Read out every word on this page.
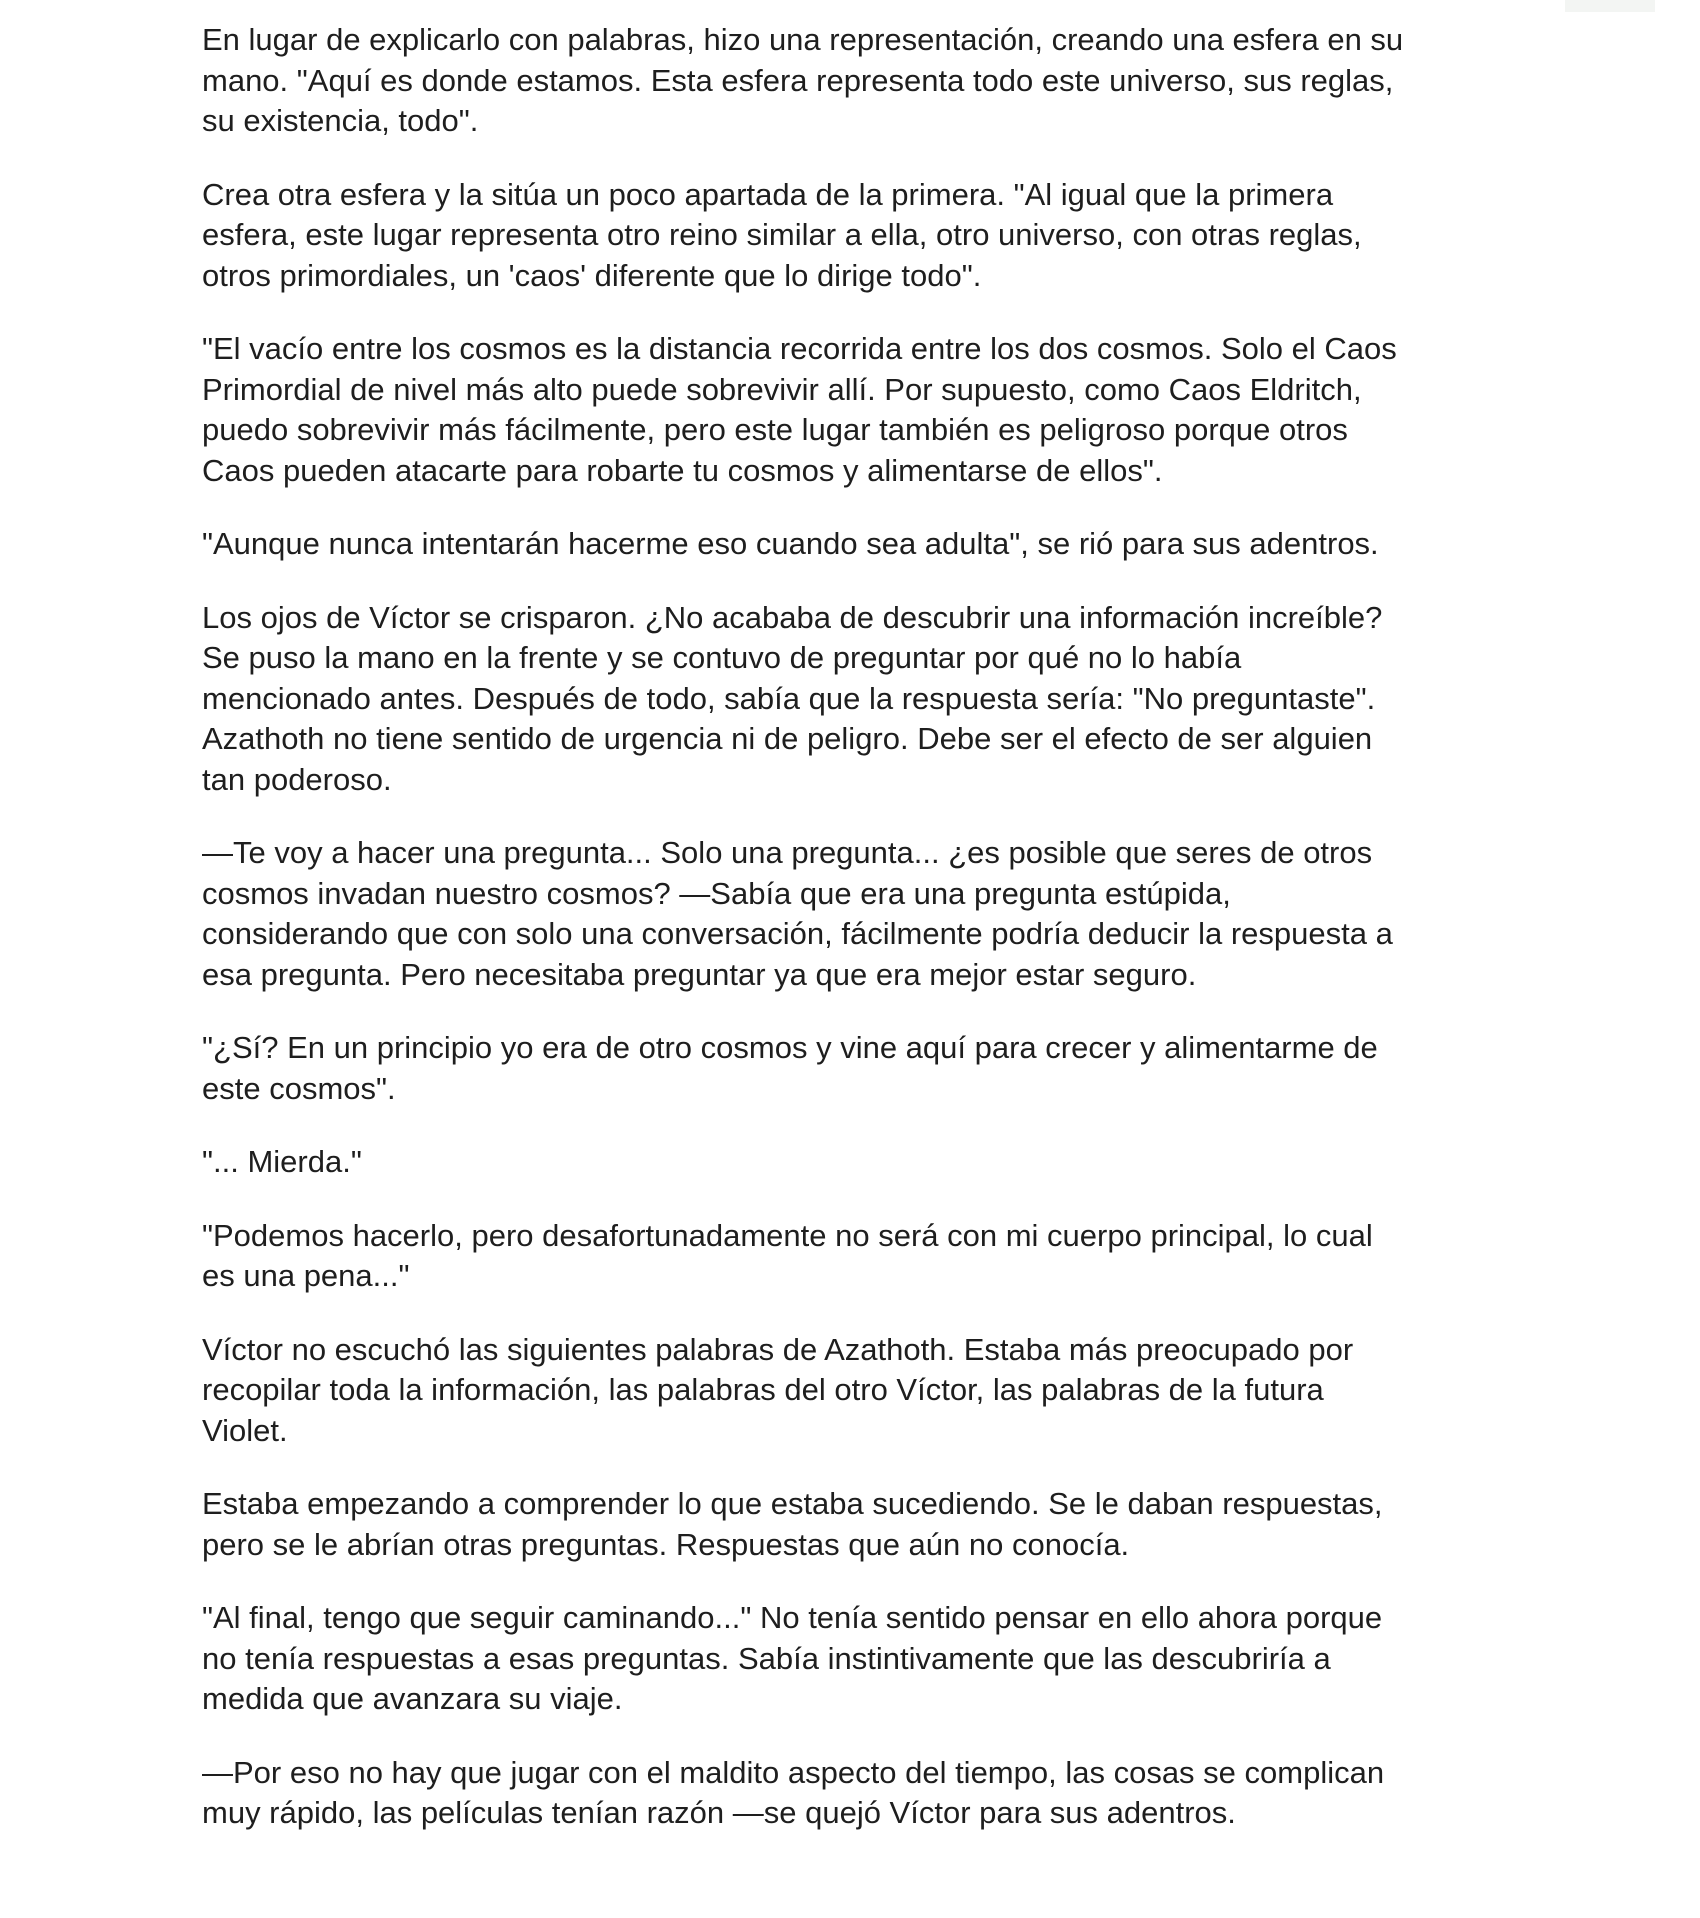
En lugar de explicarlo con palabras, hizo una representación, creando una esfera en su
mano. "Aquí es donde estamos. Esta esfera representa todo este universo, sus reglas,
su existencia, todo".

Crea otra esfera y la sitúa un poco apartada de la primera. "Al igual que la primera
esfera, este lugar representa otro reino similar a ella, otro universo, con otras reglas,
otros primordiales, un 'caos' diferente que lo dirige todo".

"El vacío entre los cosmos es la distancia recorrida entre los dos cosmos. Solo el Caos
Primordial de nivel más alto puede sobrevivir allí. Por supuesto, como Caos Eldritch,
puedo sobrevivir más fácilmente, pero este lugar también es peligroso porque otros
Caos pueden atacarte para robarte tu cosmos y alimentarse de ellos".

"Aunque nunca intentarán hacerme eso cuando sea adulta", se rió para sus adentros.

Los ojos de Víctor se crisparon. ¿No acababa de descubrir una información increíble?
Se puso la mano en la frente y se contuvo de preguntar por qué no lo había
mencionado antes. Después de todo, sabía que la respuesta sería: "No preguntaste".
Azathoth no tiene sentido de urgencia ni de peligro. Debe ser el efecto de ser alguien
tan poderoso.

—Te voy a hacer una pregunta... Solo una pregunta... ¿es posible que seres de otros
cosmos invadan nuestro cosmos? —Sabía que era una pregunta estúpida,
considerando que con solo una conversación, fácilmente podría deducir la respuesta a
esa pregunta. Pero necesitaba preguntar ya que era mejor estar seguro.

"¿Sí? En un principio yo era de otro cosmos y vine aquí para crecer y alimentarme de
este cosmos".

"... Mierda."

"Podemos hacerlo, pero desafortunadamente no será con mi cuerpo principal, lo cual
es una pena..."

Víctor no escuchó las siguientes palabras de Azathoth. Estaba más preocupado por
recopilar toda la información, las palabras del otro Víctor, las palabras de la futura
Violet.

Estaba empezando a comprender lo que estaba sucediendo. Se le daban respuestas,
pero se le abrían otras preguntas. Respuestas que aún no conocía.

"Al final, tengo que seguir caminando..." No tenía sentido pensar en ello ahora porque
no tenía respuestas a esas preguntas. Sabía instintivamente que las descubriría a
medida que avanzara su viaje.

—Por eso no hay que jugar con el maldito aspecto del tiempo, las cosas se complican
muy rápido, las películas tenían razón —se quejó Víctor para sus adentros.
